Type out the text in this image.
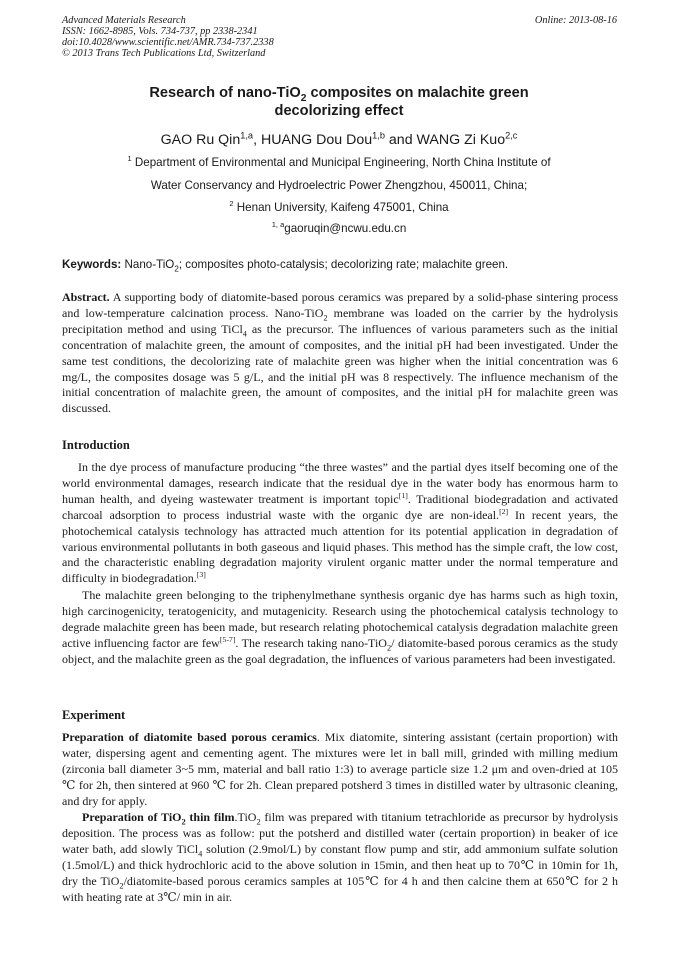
Advanced Materials Research
ISSN: 1662-8985, Vols. 734-737, pp 2338-2341
doi:10.4028/www.scientific.net/AMR.734-737.2338
© 2013 Trans Tech Publications Ltd, Switzerland
Online: 2013-08-16
Research of nano-TiO$_2$ composites on malachite green
decolorizing effect
GAO Ru Qin$^{1,a}$, HUANG Dou Dou$^{1,b}$ and WANG Zi Kuo$^{2,c}$
$^1$ Department of Environmental and Municipal Engineering, North China Institute of
Water Conservancy and Hydroelectric Power Zhengzhou, 450011, China;
$^2$ Henan University, Kaifeng 475001, China
$^{1, a}$gaoruqin@ncwu.edu.cn
Keywords: Nano-TiO$_2$; composites photo-catalysis; decolorizing rate; malachite green.
Abstract. A supporting body of diatomite-based porous ceramics was prepared by a solid-phase sintering process and low-temperature calcination process. Nano-TiO$_2$ membrane was loaded on the carrier by the hydrolysis precipitation method and using TiCl$_4$ as the precursor. The influences of various parameters such as the initial concentration of malachite green, the amount of composites, and the initial pH had been investigated. Under the same test conditions, the decolorizing rate of malachite green was higher when the initial concentration was 6 mg/L, the composites dosage was 5 g/L, and the initial pH was 8 respectively. The influence mechanism of the initial concentration of malachite green, the amount of composites, and the initial pH for malachite green was discussed.
Introduction
In the dye process of manufacture producing “the three wastes” and the partial dyes itself becoming one of the world environmental damages, research indicate that the residual dye in the water body has enormous harm to human health, and dyeing wastewater treatment is important topic[1]. Traditional biodegradation and activated charcoal adsorption to process industrial waste with the organic dye are non-ideal.[2] In recent years, the photochemical catalysis technology has attracted much attention for its potential application in degradation of various environmental pollutants in both gaseous and liquid phases. This method has the simple craft, the low cost, and the characteristic enabling degradation majority virulent organic matter under the normal temperature and difficulty in biodegradation.[3]
The malachite green belonging to the triphenylmethane synthesis organic dye has harms such as high toxin, high carcinogenicity, teratogenicity, and mutagenicity. Research using the photochemical catalysis technology to degrade malachite green has been made, but research relating photochemical catalysis degradation malachite green active influencing factor are few[5-7]. The research taking nano-TiO$_2$/ diatomite-based porous ceramics as the study object, and the malachite green as the goal degradation, the influences of various parameters had been investigated.
Experiment
Preparation of diatomite based porous ceramics. Mix diatomite, sintering assistant (certain proportion) with water, dispersing agent and cementing agent. The mixtures were let in ball mill, grinded with milling medium (zirconia ball diameter 3~5 mm, material and ball ratio 1:3) to average particle size 1.2 μm and oven-dried at 105 ℃ for 2h, then sintered at 960 ℃ for 2h. Clean prepared potsherd 3 times in distilled water by ultrasonic cleaning, and dry for apply.
Preparation of TiO$_2$ thin film.TiO$_2$ film was prepared with titanium tetrachloride as precursor by hydrolysis deposition. The process was as follow: put the potsherd and distilled water (certain proportion) in beaker of ice water bath, add slowly TiCl$_4$ solution (2.9mol/L) by constant flow pump and stir, add ammonium sulfate solution (1.5mol/L) and thick hydrochloric acid to the above solution in 15min, and then heat up to 70℃ in 10min for 1h, dry the TiO$_2$/diatomite-based porous ceramics samples at 105℃ for 4 h and then calcine them at 650℃ for 2 h with heating rate at 3℃/ min in air.
